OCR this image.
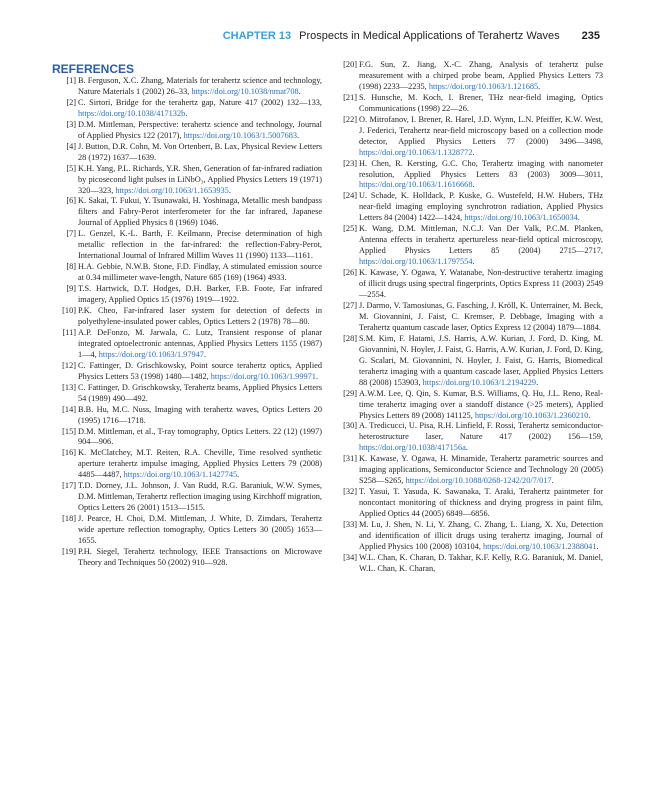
CHAPTER 13 Prospects in Medical Applications of Terahertz Waves 235
REFERENCES
[1] B. Ferguson, X.C. Zhang, Materials for terahertz science and technology, Nature Materials 1 (2002) 26–33, https://doi.org/10.1038/nmat708.
[2] C. Sirtori, Bridge for the terahertz gap, Nature 417 (2002) 132—133, https://doi.org/10.1038/417132b.
[3] D.M. Mittleman, Perspective: terahertz science and technology, Journal of Applied Physics 122 (2017), https://doi.org/10.1063/1.5007683.
[4] J. Button, D.R. Cohn, M. Von Ortenbert, B. Lax, Physical Review Letters 28 (1972) 1637—1639.
[5] K.H. Yang, P.L. Richards, Y.R. Shen, Generation of far-infrared radiation by picosecond light pulses in LiNbO₃, Applied Physics Letters 19 (1971) 320—323, https://doi.org/10.1063/1.1653935.
[6] K. Sakai, T. Fukui, Y. Tsunawaki, H. Yoshinaga, Metallic mesh bandpass filters and Fabry-Perot interferometer for the far infrared, Japanese Journal of Applied Physics 8 (1969) 1046.
[7] L. Genzel, K.-L. Barth, F. Keilmann, Precise determination of high metallic reflection in the far-infrared: the reflection-Fabry-Perot, International Journal of Infrared Millim Waves 11 (1990) 1133—1161.
[8] H.A. Gebbie, N.W.B. Stone, F.D. Findlay, A stimulated emission source at 0.34 millimeter wave-length, Nature 685 (169) (1964) 4933.
[9] T.S. Hartwick, D.T. Hodges, D.H. Barker, F.B. Foote, Far infrared imagery, Applied Optics 15 (1976) 1919—1922.
[10] P.K. Cheo, Far-infrared laser system for detection of defects in polyethylene-insulated power cables, Optics Letters 2 (1978) 78—80.
[11] A.P. DeFonzo, M. Jarwala, C. Lutz, Transient response of planar integrated optoelectronic antennas, Applied Physics Letters 1155 (1987) 1—4, https://doi.org/10.1063/1.97947.
[12] C. Fattinger, D. Grischkowsky, Point source terahertz optics, Applied Physics Letters 53 (1998) 1480—1482, https://doi.org/10.1063/1.99971.
[13] C. Fattinger, D. Grischkowsky, Terahertz beams, Applied Physics Letters 54 (1989) 490—492.
[14] B.B. Hu, M.C. Nuss, Imaging with terahertz waves, Optics Letters 20 (1995) 1716—1718.
[15] D.M. Mittleman, et al., T-ray tomography, Optics Letters. 22 (12) (1997) 904—906.
[16] K. McClatchey, M.T. Reiten, R.A. Cheville, Time resolved synthetic aperture terahertz impulse imaging, Applied Physics Letters 79 (2008) 4485—4487, https://doi.org/10.1063/1.1427745.
[17] T.D. Dorney, J.L. Johnson, J. Van Rudd, R.G. Baraniuk, W.W. Symes, D.M. Mittleman, Terahertz reflection imaging using Kirchhoff migration, Optics Letters 26 (2001) 1513—1515.
[18] J. Pearce, H. Choi, D.M. Mittleman, J. White, D. Zimdars, Terahertz wide aperture reflection tomography, Optics Letters 30 (2005) 1653—1655.
[19] P.H. Siegel, Terahertz technology, IEEE Transactions on Microwave Theory and Techniques 50 (2002) 910—928.
[20] F.G. Sun, Z. Jiang, X.-C. Zhang, Analysis of terahertz pulse measurement with a chirped probe beam, Applied Physics Letters 73 (1998) 2233—2235, https://doi.org/10.1063/1.121685.
[21] S. Hunsche, M. Koch, I. Brener, THz near-field imaging, Optics Communications (1998) 22—26.
[22] O. Mitrofanov, I. Brener, R. Harel, J.D. Wynn, L.N. Pfeiffer, K.W. West, J. Federici, Terahertz near-field microscopy based on a collection mode detector, Applied Physics Letters 77 (2000) 3496—3498, https://doi.org/10.1063/1.1328772.
[23] H. Chen, R. Kersting, G.C. Cho, Terahertz imaging with nanometer resolution, Applied Physics Letters 83 (2003) 3009—3011, https://doi.org/10.1063/1.1616668.
[24] U. Schade, K. Holldack, P. Kuske, G. Wustefeld, H.W. Hubers, THz near-field imaging employing synchrotron radiation, Applied Physics Letters 84 (2004) 1422—1424, https://doi.org/10.1063/1.1650034.
[25] K. Wang, D.M. Mittleman, N.C.J. Van Der Valk, P.C.M. Planken, Antenna effects in terahertz apertureless near-field optical microscopy, Applied Physics Letters 85 (2004) 2715—2717, https://doi.org/10.1063/1.1797554.
[26] K. Kawase, Y. Ogawa, Y. Watanabe, Non-destructive terahertz imaging of illicit drugs using spectral fingerprints, Optics Express 11 (2003) 2549—2554.
[27] J. Darmo, V. Tamosiunas, G. Fasching, J. Kröll, K. Unterrainer, M. Beck, M. Giovannini, J. Faist, C. Kremser, P. Debbage, Imaging with a Terahertz quantum cascade laser, Optics Express 12 (2004) 1879—1884.
[28] S.M. Kim, F. Hatami, J.S. Harris, A.W. Kurian, J. Ford, D. King, M. Giovannini, N. Hoyler, J. Faist, G. Harris, A.W. Kurian, J. Ford, D. King, G. Scalari, M. Giovannini, N. Hoyler, J. Faist, G. Harris, Biomedical terahertz imaging with a quantum cascade laser, Applied Physics Letters 88 (2008) 153903, https://doi.org/10.1063/1.2194229.
[29] A.W.M. Lee, Q. Qin, S. Kumar, B.S. Williams, Q. Hu, J.L. Reno, Real-time terahertz imaging over a standoff distance (>25 meters), Applied Physics Letters 89 (2008) 141125, https://doi.org/10.1063/1.2360210.
[30] A. Tredicucci, U. Pisa, R.H. Linfield, F. Rossi, Terahertz semiconductor-heterostructure laser, Nature 417 (2002) 156—159, https://doi.org/10.1038/417156a.
[31] K. Kawase, Y. Ogawa, H. Minamide, Terahertz parametric sources and imaging applications, Semiconductor Science and Technology 20 (2005) S258—S265, https://doi.org/10.1088/0268-1242/20/7/017.
[32] T. Yasui, T. Yasuda, K. Sawanaka, T. Araki, Terahertz paintmeter for noncontact monitoring of thickness and drying progress in paint film, Applied Optics 44 (2005) 6849—6856.
[33] M. Lu, J. Shen, N. Li, Y. Zhang, C. Zhang, L. Liang, X. Xu, Detection and identification of illicit drugs using terahertz imaging, Journal of Applied Physics 100 (2008) 103104, https://doi.org/10.1063/1.2388041.
[34] W.L. Chan, K. Charan, D. Takhar, K.F. Kelly, R.G. Baraniuk, M. Daniel, W.L. Chan, K. Charan,
